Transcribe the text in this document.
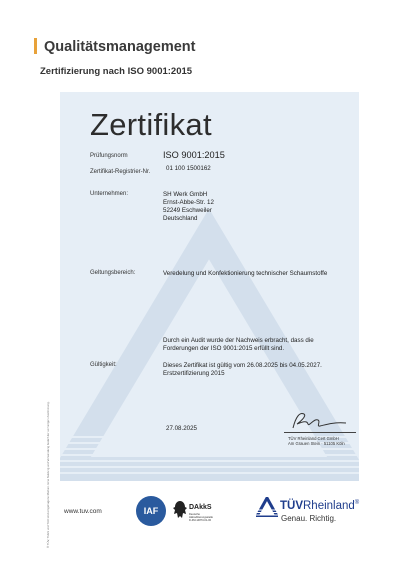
Qualitätsmanagement
Zertifizierung nach ISO 9001:2015
Zertifikat
Prüfungsnorm	ISO 9001:2015
Zertifikat-Registrier-Nr.	01 100 1500162
Unternehmen:	SH Werk GmbH
Ernst-Abbe-Str. 12
52249 Eschweiler
Deutschland
Geltungsbereich:	Veredelung und Konfektionierung technischer Schaumstoffe
Durch ein Audit wurde der Nachweis erbracht, dass die
Forderungen der ISO 9001:2015 erfüllt sind.
Gültigkeit:	Dieses Zertifikat ist gültig vom 26.08.2025 bis 04.05.2027.
Erstzertifizierung 2015
27.08.2025
TÜV Rheinland Cert GmbH
Am Grauen Stein · 51105 Köln
® TÜV, TUEV und TUV sind eingetragene Marken. Eine Nutzung und Verwendung bedarf der vorherigen Zustimmung. www.tuv.com	IAF	DAkkS
Deutsche
Akkreditierungsstelle
D-ZM-14873-01-00
TÜVRheinland®
Genau. Richtig.
